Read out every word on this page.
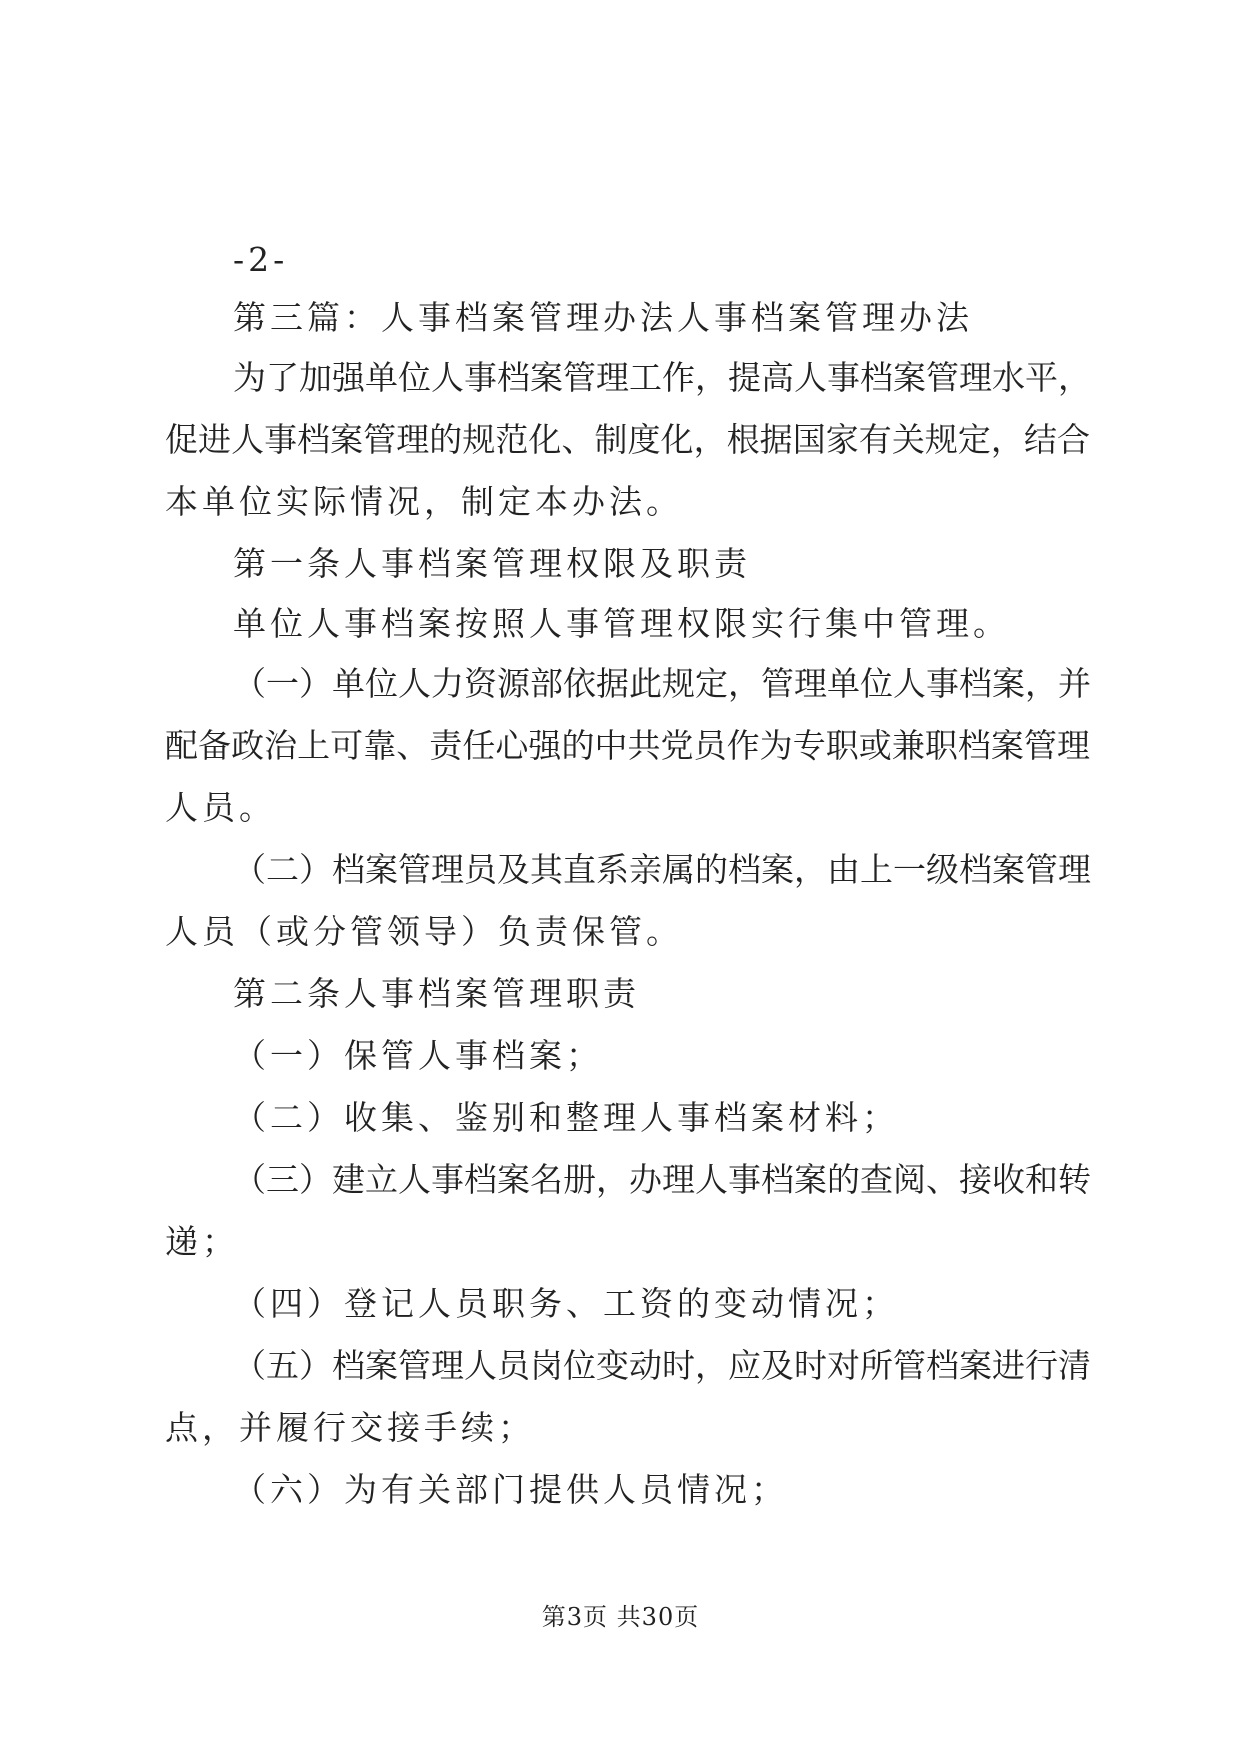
-2-
第三篇：人事档案管理办法人事档案管理办法
为了加强单位人事档案管理工作，提高人事档案管理水平，
促进人事档案管理的规范化、制度化，根据国家有关规定，结合
本单位实际情况，制定本办法。
第一条人事档案管理权限及职责
单位人事档案按照人事管理权限实行集中管理。
（一）单位人力资源部依据此规定，管理单位人事档案，并
配备政治上可靠、责任心强的中共党员作为专职或兼职档案管理
人员。
（二）档案管理员及其直系亲属的档案，由上一级档案管理
人员（或分管领导）负责保管。
第二条人事档案管理职责
（一）保管人事档案；
（二）收集、鉴别和整理人事档案材料；
（三）建立人事档案名册，办理人事档案的查阅、接收和转
递；
（四）登记人员职务、工资的变动情况；
（五）档案管理人员岗位变动时，应及时对所管档案进行清
点，并履行交接手续；
（六）为有关部门提供人员情况；
第3页 共30页
